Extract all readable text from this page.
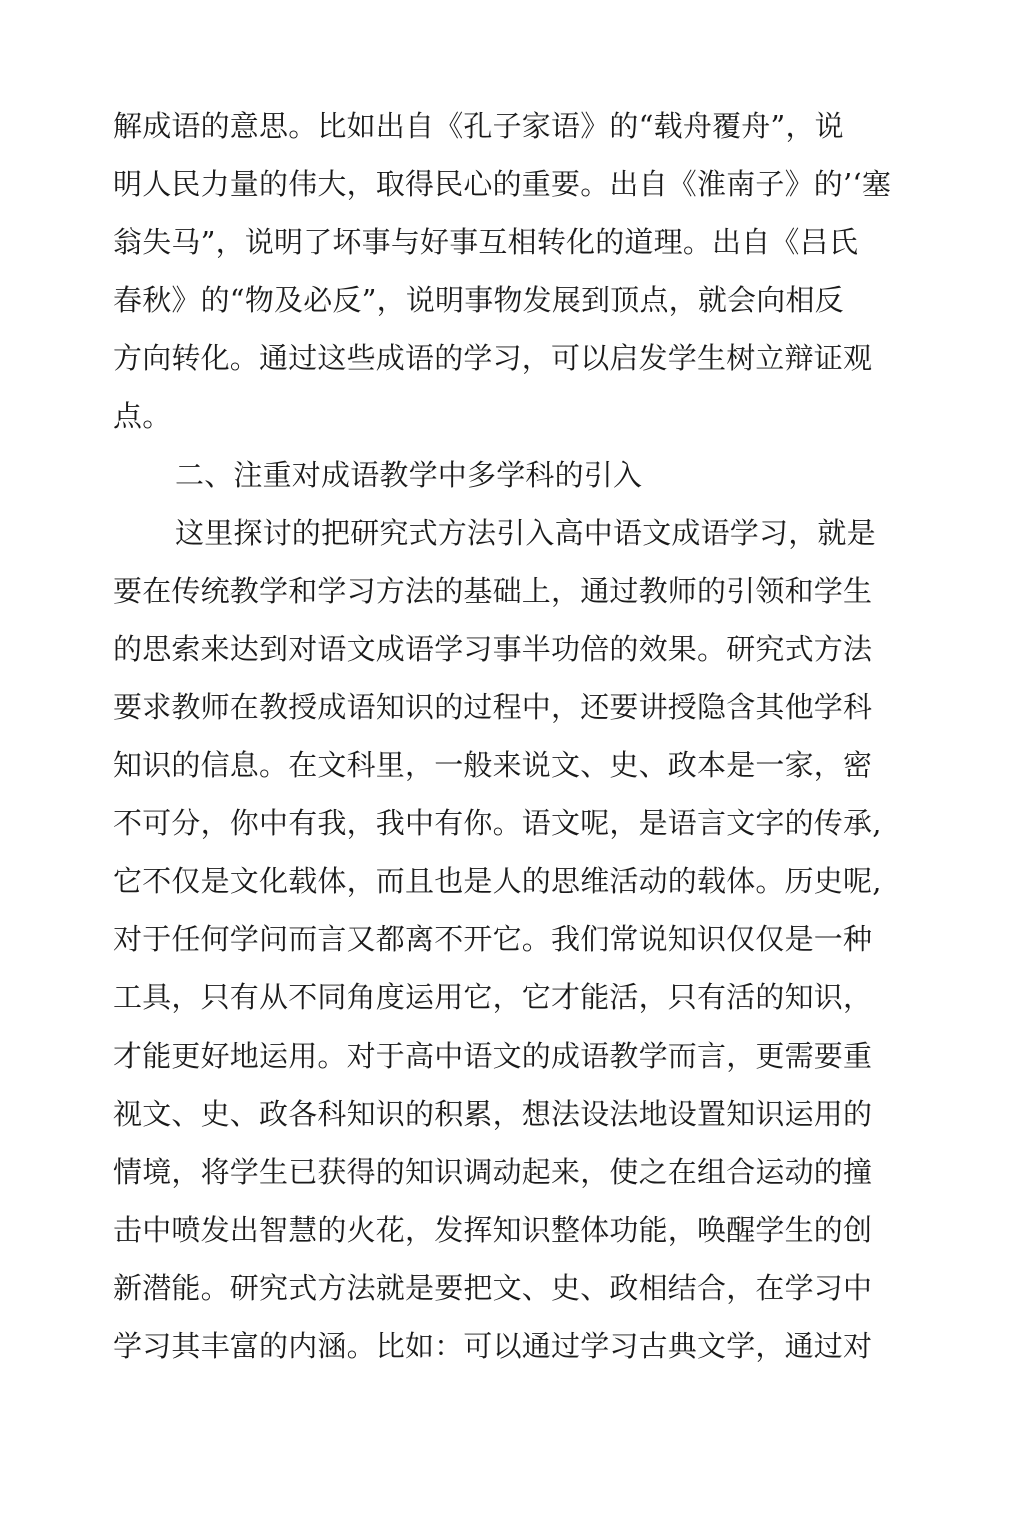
解成语的意思。比如出自《孔子家语》的“载舟覆舟”，说
明人民力量的伟大，取得民心的重要。出自《淮南子》的’‘塞
翁失马”，说明了坏事与好事互相转化的道理。出自《吕氏
春秋》的“物及必反”，说明事物发展到顶点，就会向相反
方向转化。通过这些成语的学习，可以启发学生树立辩证观
点。
二、注重对成语教学中多学科的引入
这里探讨的把研究式方法引入高中语文成语学习，就是
要在传统教学和学习方法的基础上，通过教师的引领和学生
的思索来达到对语文成语学习事半功倍的效果。研究式方法
要求教师在教授成语知识的过程中，还要讲授隐含其他学科
知识的信息。在文科里，一般来说文、史、政本是一家，密
不可分，你中有我，我中有你。语文呢，是语言文字的传承,
它不仅是文化载体，而且也是人的思维活动的载体。历史呢,
对于任何学问而言又都离不开它。我们常说知识仅仅是一种
工具，只有从不同角度运用它，它才能活，只有活的知识，
才能更好地运用。对于高中语文的成语教学而言，更需要重
视文、史、政各科知识的积累，想法设法地设置知识运用的
情境，将学生已获得的知识调动起来，使之在组合运动的撞
击中喷发出智慧的火花，发挥知识整体功能，唤醒学生的创
新潜能。研究式方法就是要把文、史、政相结合，在学习中
学习其丰富的内涵。比如：可以通过学习古典文学，通过对
